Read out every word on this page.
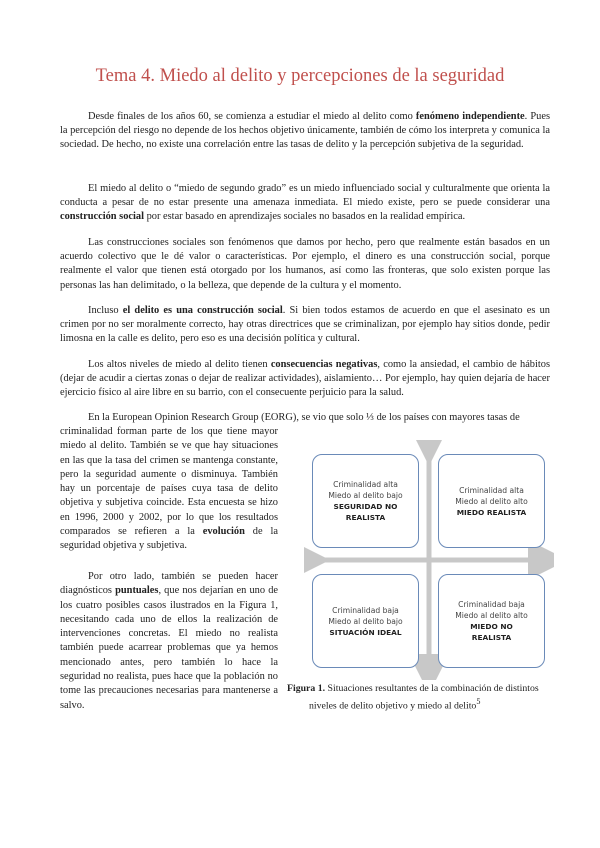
Tema 4. Miedo al delito y percepciones de la seguridad

Desde finales de los años 60, se comienza a estudiar el miedo al delito como fenómeno independiente. Pues la percepción del riesgo no depende de los hechos objetivo únicamente, también de cómo los interpreta y comunica la sociedad. De hecho, no existe una correlación entre las tasas de delito y la percepción subjetiva de la seguridad.

El miedo al delito o “miedo de segundo grado” es un miedo influenciado social y culturalmente que orienta la conducta a pesar de no estar presente una amenaza inmediata. El miedo existe, pero se puede considerar una construcción social por estar basado en aprendizajes sociales no basados en la realidad empírica.

Las construcciones sociales son fenómenos que damos por hecho, pero que realmente están basados en un acuerdo colectivo que le dé valor o características. Por ejemplo, el dinero es una construcción social, porque realmente el valor que tienen está otorgado por los humanos, así como las fronteras, que solo existen porque las personas las han delimitado, o la belleza, que depende de la cultura y el momento.

Incluso el delito es una construcción social. Si bien todos estamos de acuerdo en que el asesinato es un crimen por no ser moralmente correcto, hay otras directrices que se criminalizan, por ejemplo hay sitios donde, pedir limosna en la calle es delito, pero eso es una decisión política y cultural.

Los altos niveles de miedo al delito tienen consecuencias negativas, como la ansiedad, el cambio de hábitos (dejar de acudir a ciertas zonas o dejar de realizar actividades), aislamiento… Por ejemplo, hay quien dejaría de hacer ejercicio físico al aire libre en su barrio, con el consecuente perjuicio para la salud.

En la European Opinion Research Group (EORG), se vio que solo ⅓ de los países con mayores tasas de

criminalidad forman parte de los que tiene mayor miedo al delito. También se ve que hay situaciones en las que la tasa del crimen se mantenga constante, pero la seguridad aumente o disminuya. También hay un porcentaje de países cuya tasa de delito objetiva y subjetiva coincide. Esta encuesta se hizo en 1996, 2000 y 2002, por lo que los resultados comparados se refieren a la evolución de la seguridad objetiva y subjetiva.

Por otro lado, también se pueden hacer diagnósticos puntuales, que nos dejarían en uno de los cuatro posibles casos ilustrados en la Figura 1, necesitando cada uno de ellos la realización de intervenciones concretas. El miedo no realista también puede acarrear problemas que ya hemos mencionado antes, pero también lo hace la seguridad no realista, pues hace que la población no tome las precauciones necesarias para mantenerse a salvo.

Criminalidad alta
Miedo al delito bajo
SEGURIDAD NO
REALISTA
Criminalidad alta
Miedo al delito alto
MIEDO REALISTA
Criminalidad baja
Miedo al delito bajo
SITUACIÓN IDEAL
Criminalidad baja
Miedo al delito alto
MIEDO NO
REALISTA
Figura 1. Situaciones resultantes de la combinación de distintos
niveles de delito objetivo y miedo al delito$^5$
